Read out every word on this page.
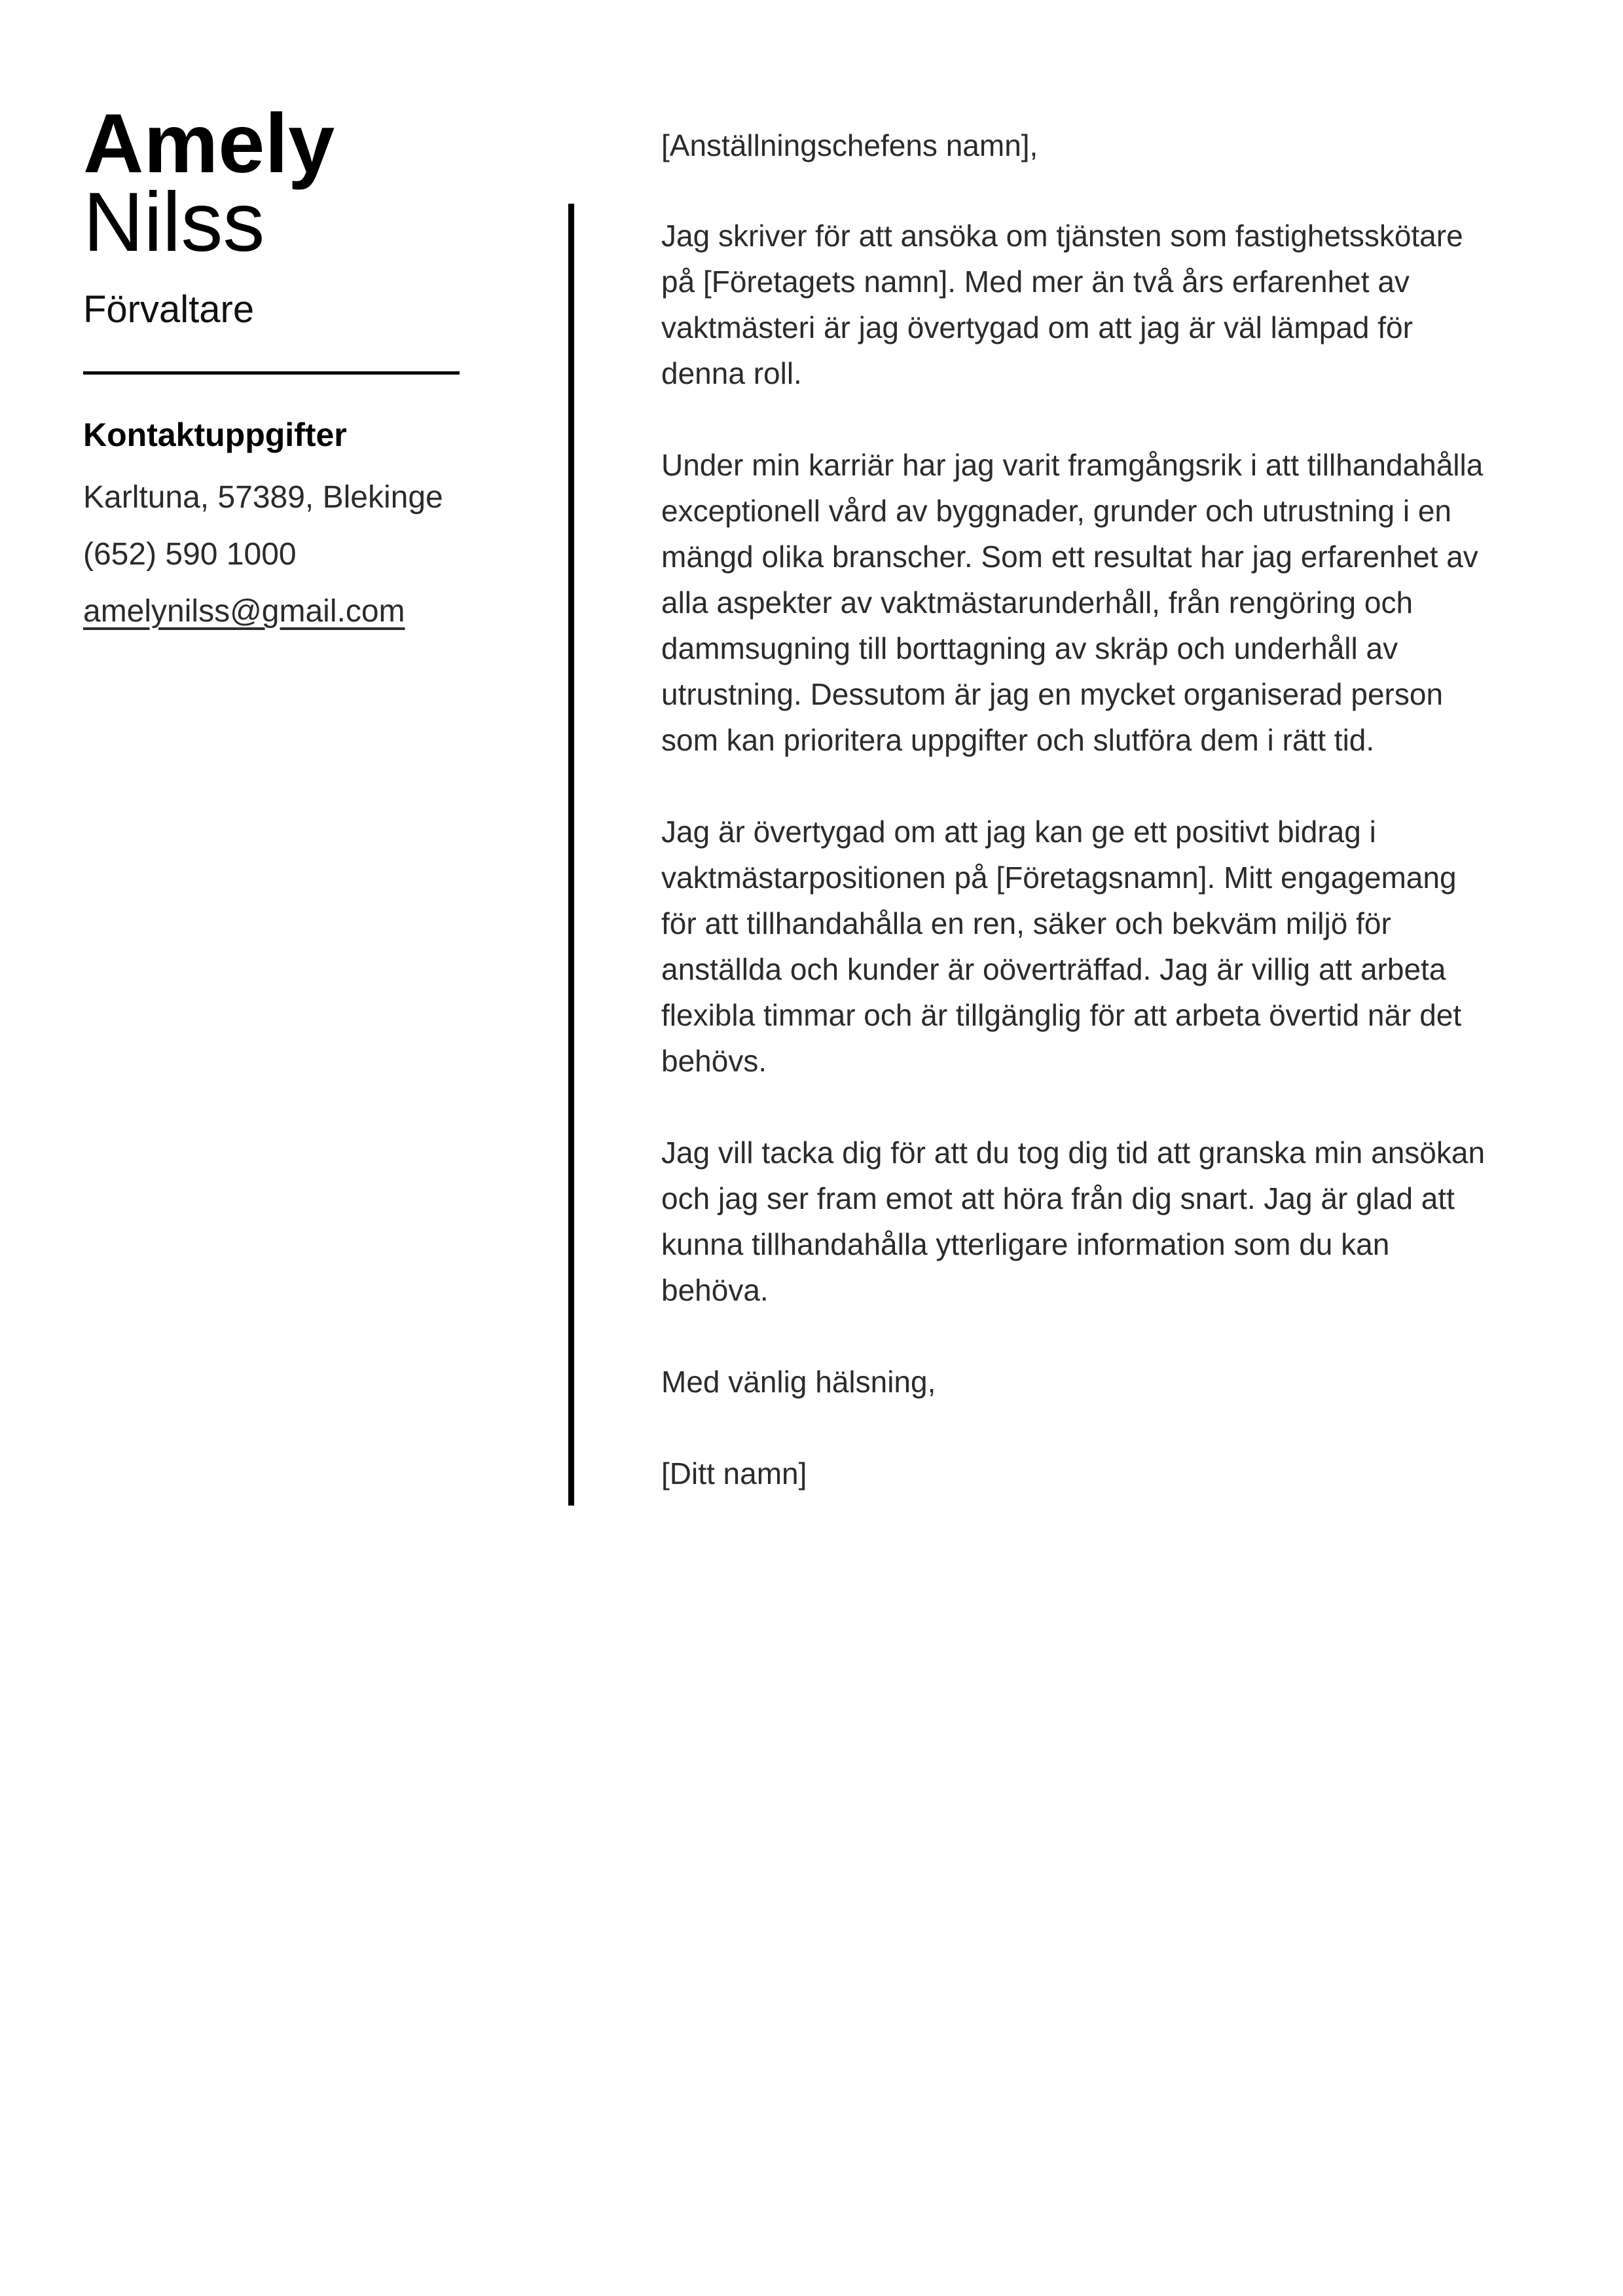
Amely
Nilss
Förvaltare
Kontaktuppgifter
Karltuna, 57389, Blekinge
(652) 590 1000
amelynilss@gmail.com
[Anställningschefens namn],

Jag skriver för att ansöka om tjänsten som fastighetsskötare på [Företagets namn]. Med mer än två års erfarenhet av vaktmästeri är jag övertygad om att jag är väl lämpad för denna roll.

Under min karriär har jag varit framgångsrik i att tillhandahålla exceptionell vård av byggnader, grunder och utrustning i en mängd olika branscher. Som ett resultat har jag erfarenhet av alla aspekter av vaktmästarunderhåll, från rengöring och dammsugning till borttagning av skräp och underhåll av utrustning. Dessutom är jag en mycket organiserad person som kan prioritera uppgifter och slutföra dem i rätt tid.

Jag är övertygad om att jag kan ge ett positivt bidrag i vaktmästarpositionen på [Företagsnamn]. Mitt engagemang för att tillhandahålla en ren, säker och bekväm miljö för anställda och kunder är oöverträffad. Jag är villig att arbeta flexibla timmar och är tillgänglig för att arbeta övertid när det behövs.

Jag vill tacka dig för att du tog dig tid att granska min ansökan och jag ser fram emot att höra från dig snart. Jag är glad att kunna tillhandahålla ytterligare information som du kan behöva.

Med vänlig hälsning,

[Ditt namn]
